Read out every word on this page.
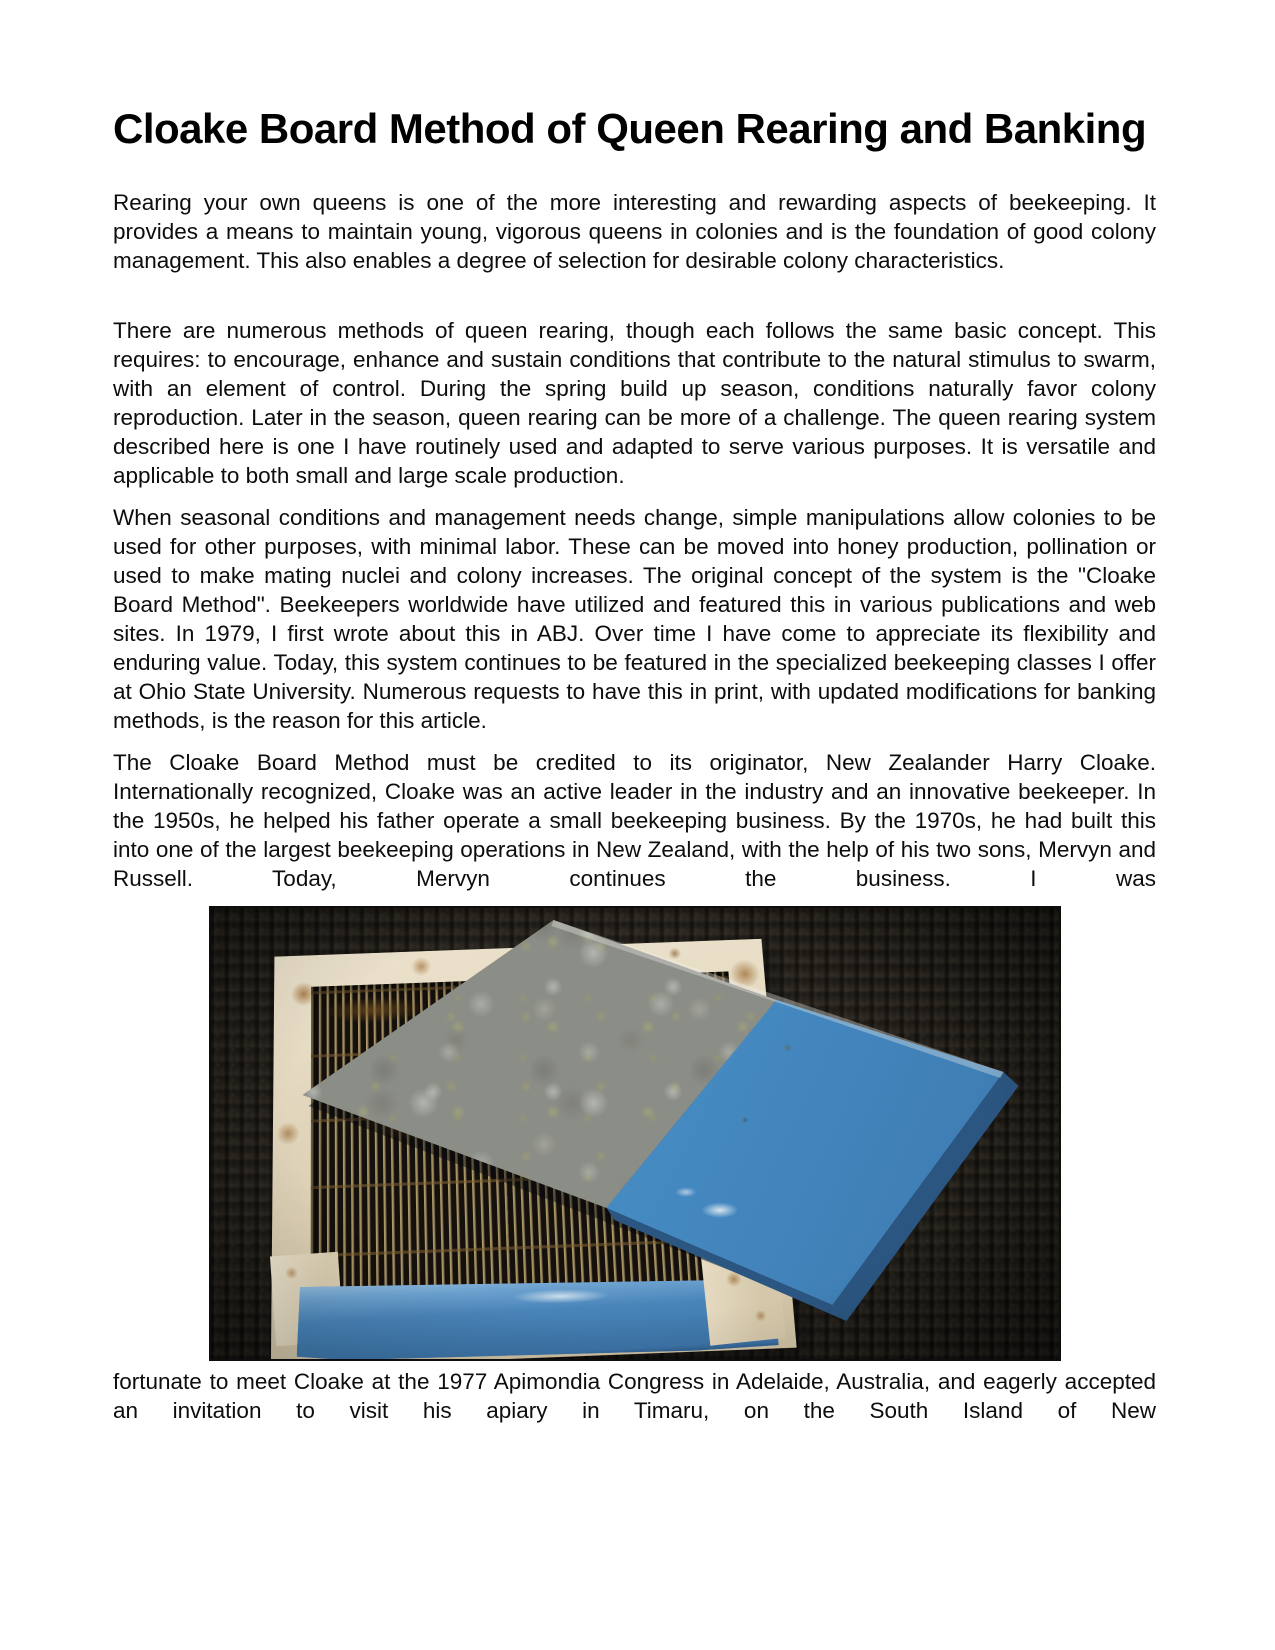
Cloake Board Method of Queen Rearing and Banking

Rearing your own queens is one of the more interesting and rewarding aspects of beekeeping. It provides a means to maintain young, vigorous queens in colonies and is the foundation of good colony management. This also enables a degree of selection for desirable colony characteristics.

There are numerous methods of queen rearing, though each follows the same basic concept. This requires: to encourage, enhance and sustain conditions that contribute to the natural stimulus to swarm, with an element of control. During the spring build up season, conditions naturally favor colony reproduction. Later in the season, queen rearing can be more of a challenge. The queen rearing system described here is one I have routinely used and adapted to serve various purposes. It is versatile and applicable to both small and large scale production.

When seasonal conditions and management needs change, simple manipulations allow colonies to be used for other purposes, with minimal labor. These can be moved into honey production, pollination or used to make mating nuclei and colony increases. The original concept of the system is the "Cloake Board Method". Beekeepers worldwide have utilized and featured this in various publications and web sites. In 1979, I first wrote about this in ABJ. Over time I have come to appreciate its flexibility and enduring value. Today, this system continues to be featured in the specialized beekeeping classes I offer at Ohio State University. Numerous requests to have this in print, with updated modifications for banking methods, is the reason for this article.

The Cloake Board Method must be credited to its originator, New Zealander Harry Cloake. Internationally recognized, Cloake was an active leader in the industry and an innovative beekeeper. In the 1950s, he helped his father operate a small beekeeping business. By the 1970s, he had built this into one of the largest beekeeping operations in New Zealand, with the help of his two sons, Mervyn and Russell. Today, Mervyn continues the business. I was

fortunate to meet Cloake at the 1977 Apimondia Congress in Adelaide, Australia, and eagerly accepted an invitation to visit his apiary in Timaru, on the South Island of New
